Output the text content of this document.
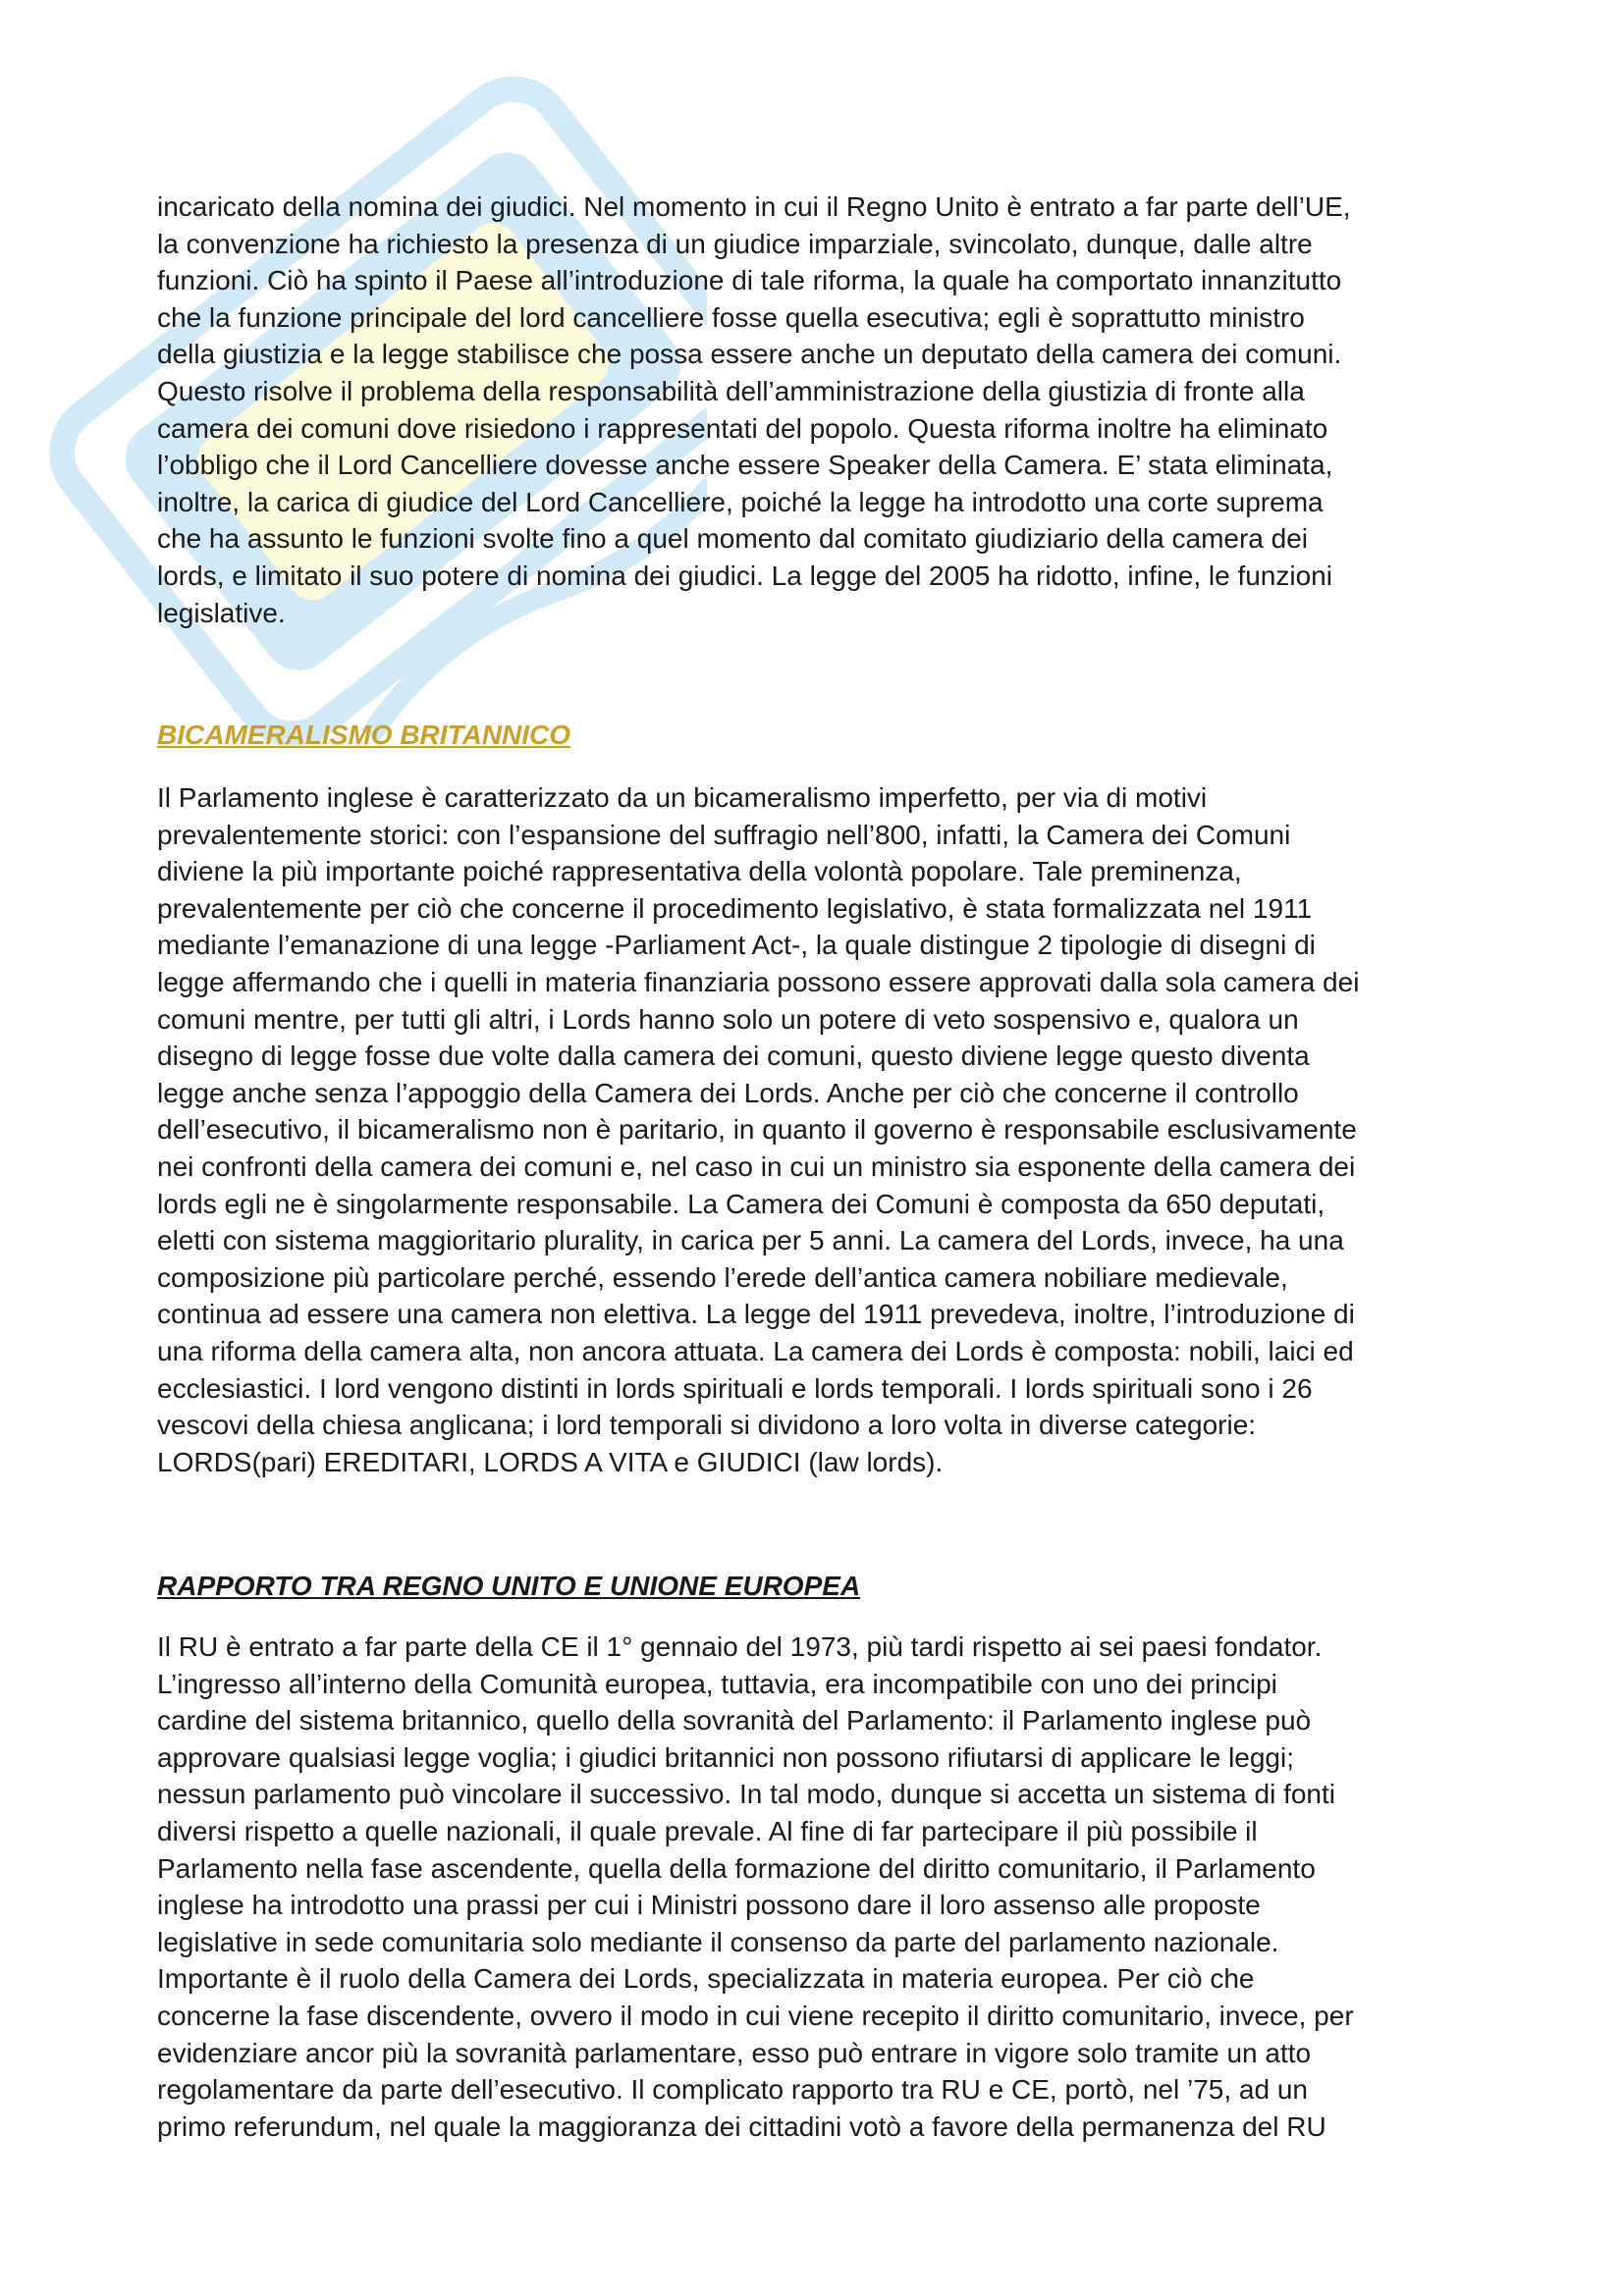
incaricato della nomina dei giudici. Nel momento in cui il Regno Unito è entrato a far parte dell’UE,
la convenzione ha richiesto la presenza di un giudice imparziale, svincolato, dunque, dalle altre
funzioni. Ciò ha spinto il Paese all’introduzione di tale riforma, la quale ha comportato innanzitutto
che la funzione principale del lord cancelliere fosse quella esecutiva; egli è soprattutto ministro
della giustizia e la legge stabilisce che possa essere anche un deputato della camera dei comuni.
Questo risolve il problema della responsabilità dell’amministrazione della giustizia di fronte alla
camera dei comuni dove risiedono i rappresentati del popolo. Questa riforma inoltre ha eliminato
l’obbligo che il Lord Cancelliere dovesse anche essere Speaker della Camera. E’ stata eliminata,
inoltre, la carica di giudice del Lord Cancelliere, poiché la legge ha introdotto una corte suprema
che ha assunto le funzioni svolte fino a quel momento dal comitato giudiziario della camera dei
lords, e limitato il suo potere di nomina dei giudici. La legge del 2005 ha ridotto, infine, le funzioni
legislative.

BICAMERALISMO BRITANNICO

Il Parlamento inglese è caratterizzato da un bicameralismo imperfetto, per via di motivi
prevalentemente storici: con l’espansione del suffragio nell’800, infatti, la Camera dei Comuni
diviene la più importante poiché rappresentativa della volontà popolare. Tale preminenza,
prevalentemente per ciò che concerne il procedimento legislativo, è stata formalizzata nel 1911
mediante l’emanazione di una legge -Parliament Act-, la quale distingue 2 tipologie di disegni di
legge affermando che i quelli in materia finanziaria possono essere approvati dalla sola camera dei
comuni mentre, per tutti gli altri, i Lords hanno solo un potere di veto sospensivo e, qualora un
disegno di legge fosse due volte dalla camera dei comuni, questo diviene legge questo diventa
legge anche senza l’appoggio della Camera dei Lords. Anche per ciò che concerne il controllo
dell’esecutivo, il bicameralismo non è paritario, in quanto il governo è responsabile esclusivamente
nei confronti della camera dei comuni e, nel caso in cui un ministro sia esponente della camera dei
lords egli ne è singolarmente responsabile. La Camera dei Comuni è composta da 650 deputati,
eletti con sistema maggioritario plurality, in carica per 5 anni. La camera del Lords, invece, ha una
composizione più particolare perché, essendo l’erede dell’antica camera nobiliare medievale,
continua ad essere una camera non elettiva. La legge del 1911 prevedeva, inoltre, l’introduzione di
una riforma della camera alta, non ancora attuata. La camera dei Lords è composta: nobili, laici ed
ecclesiastici. I lord vengono distinti in lords spirituali e lords temporali. I lords spirituali sono i 26
vescovi della chiesa anglicana; i lord temporali si dividono a loro volta in diverse categorie:
LORDS(pari) EREDITARI, LORDS A VITA e GIUDICI (law lords).

RAPPORTO TRA REGNO UNITO E UNIONE EUROPEA

Il RU è entrato a far parte della CE il 1° gennaio del 1973, più tardi rispetto ai sei paesi fondator.
L’ingresso all’interno della Comunità europea, tuttavia, era incompatibile con uno dei principi
cardine del sistema britannico, quello della sovranità del Parlamento: il Parlamento inglese può
approvare qualsiasi legge voglia; i giudici britannici non possono rifiutarsi di applicare le leggi;
nessun parlamento può vincolare il successivo. In tal modo, dunque si accetta un sistema di fonti
diversi rispetto a quelle nazionali, il quale prevale. Al fine di far partecipare il più possibile il
Parlamento nella fase ascendente, quella della formazione del diritto comunitario, il Parlamento
inglese ha introdotto una prassi per cui i Ministri possono dare il loro assenso alle proposte
legislative in sede comunitaria solo mediante il consenso da parte del parlamento nazionale.
Importante è il ruolo della Camera dei Lords, specializzata in materia europea. Per ciò che
concerne la fase discendente, ovvero il modo in cui viene recepito il diritto comunitario, invece, per
evidenziare ancor più la sovranità parlamentare, esso può entrare in vigore solo tramite un atto
regolamentare da parte dell’esecutivo. Il complicato rapporto tra RU e CE, portò, nel ’75, ad un
primo referundum, nel quale la maggioranza dei cittadini votò a favore della permanenza del RU
